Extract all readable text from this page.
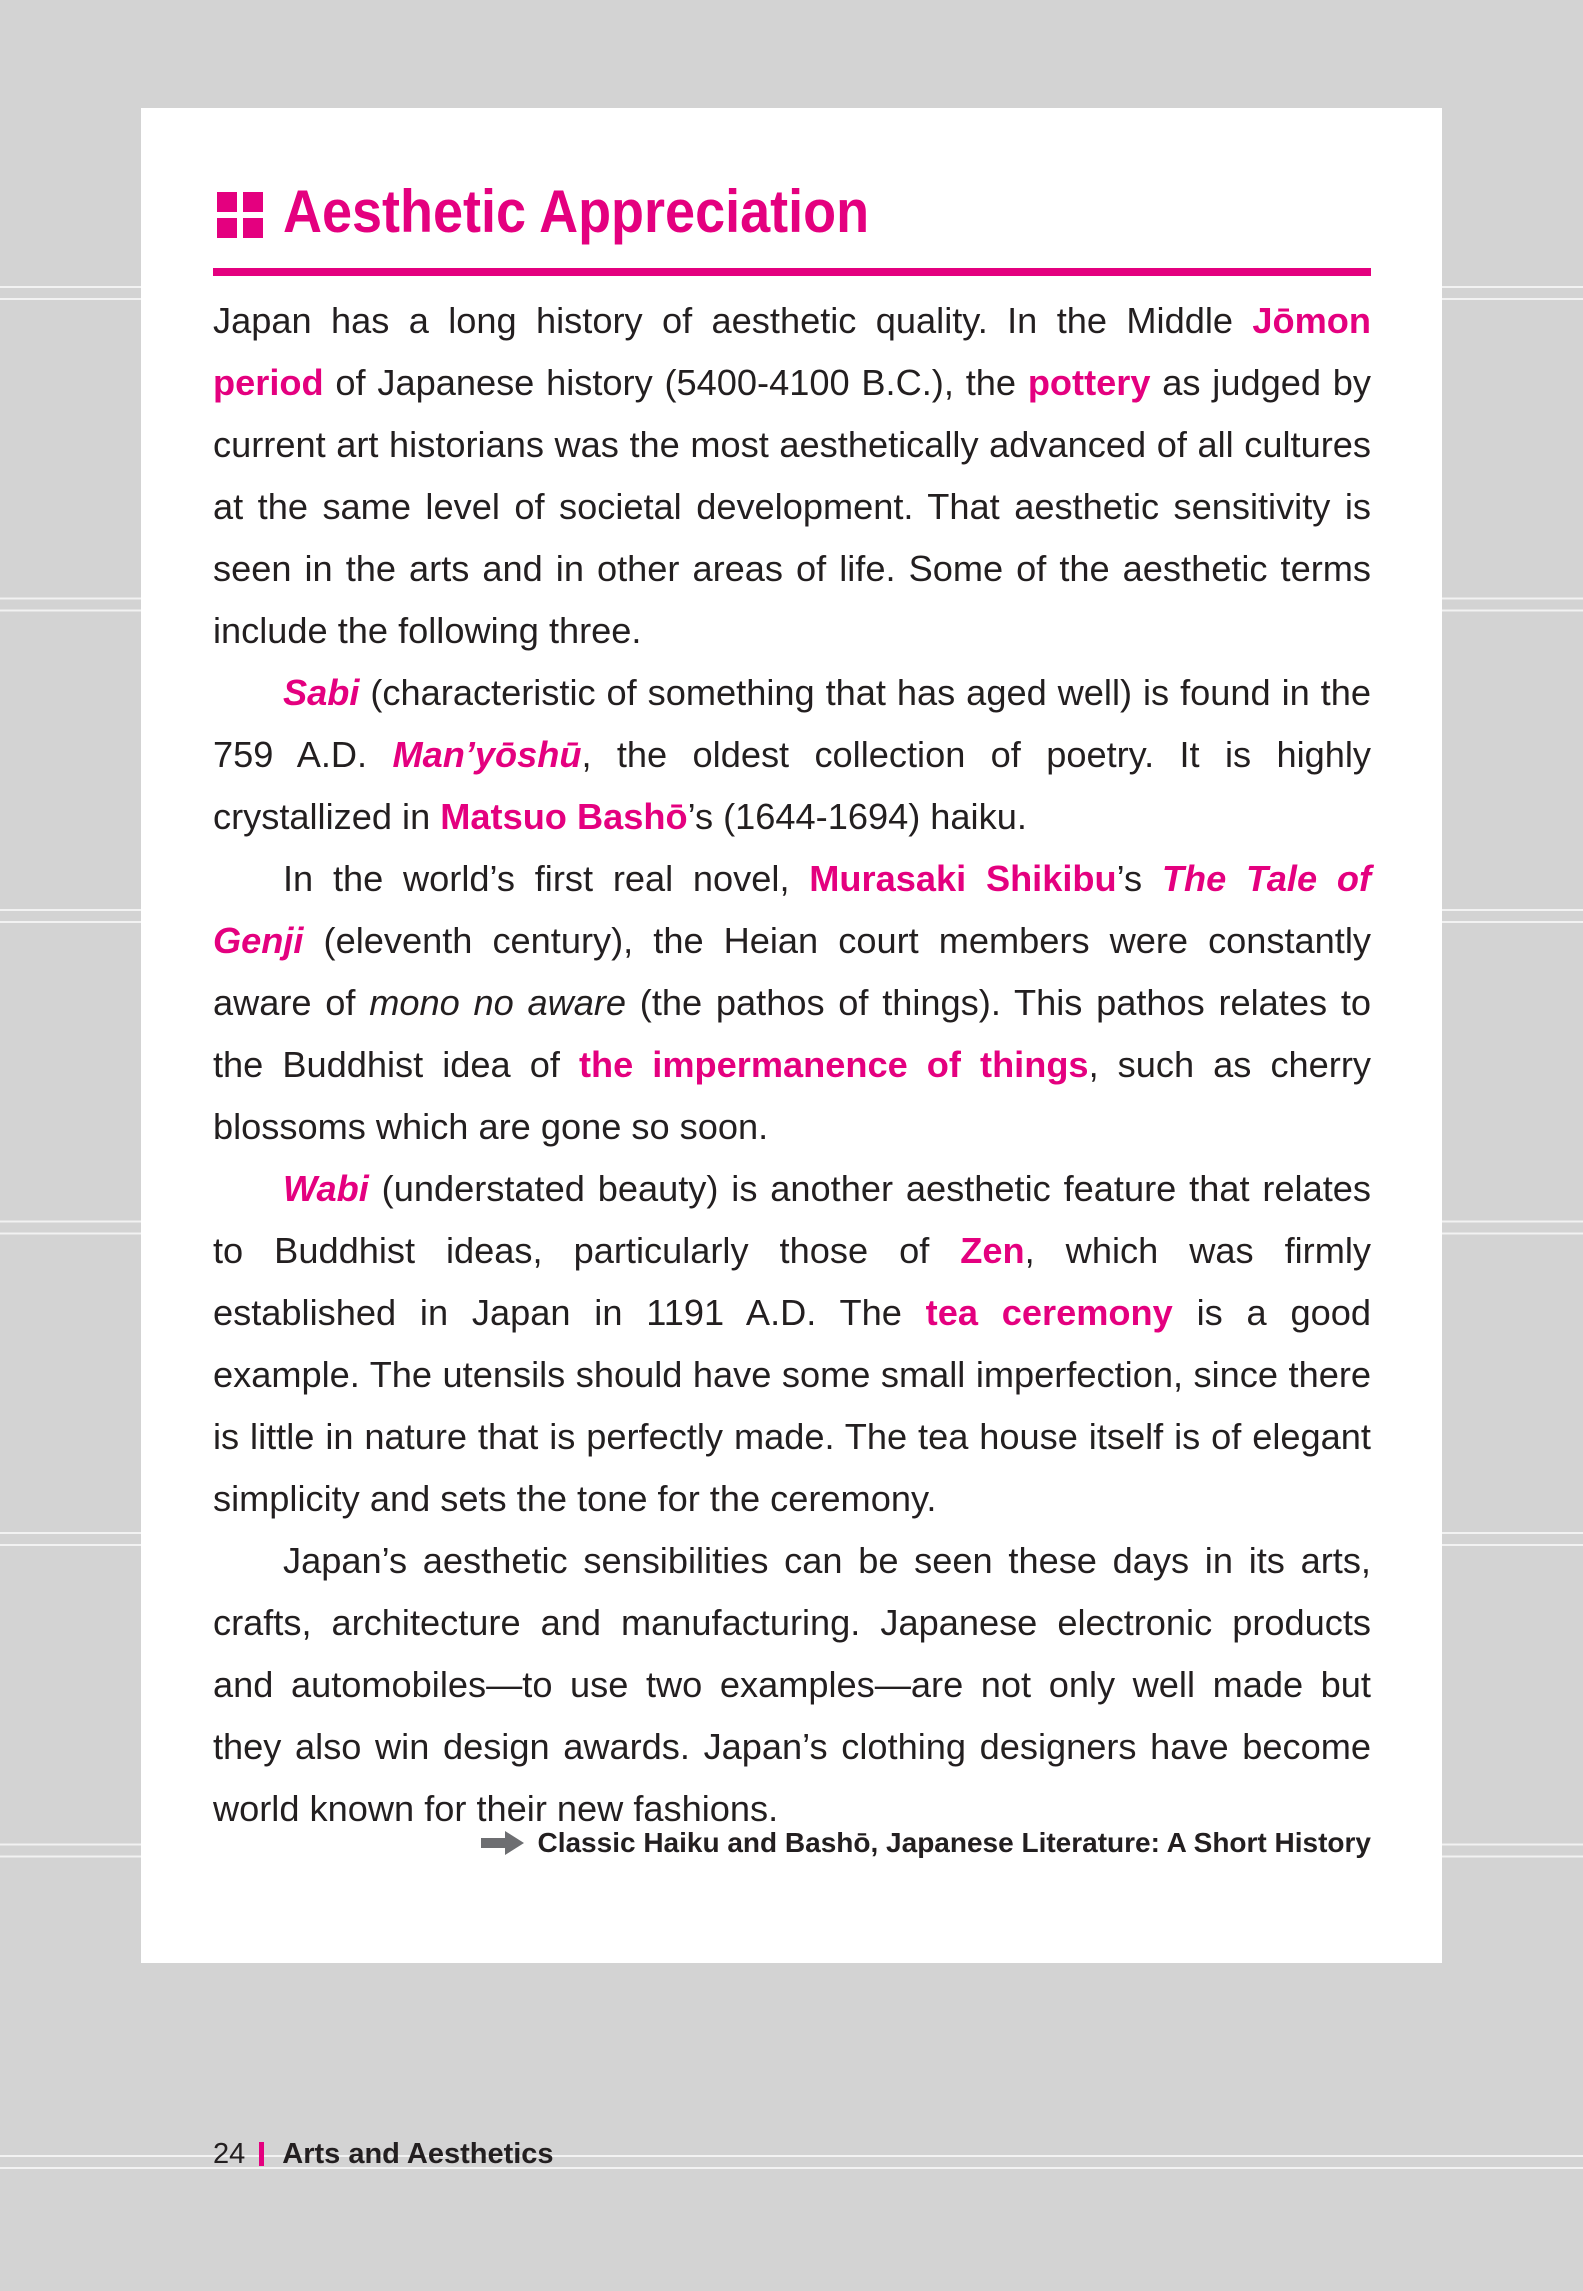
Aesthetic Appreciation

Japan has a long history of aesthetic quality. In the Middle Jōmon period of Japanese history (5400-4100 B.C.), the pottery as judged by current art historians was the most aesthetically advanced of all cultures at the same level of societal development. That aesthetic sensitivity is seen in the arts and in other areas of life. Some of the aesthetic terms include the following three.

Sabi (characteristic of something that has aged well) is found in the 759 A.D. Man’yōshū, the oldest collection of poetry. It is highly crystallized in Matsuo Bashō’s (1644-1694) haiku.

In the world’s first real novel, Murasaki Shikibu’s The Tale of Genji (eleventh century), the Heian court members were constantly aware of mono no aware (the pathos of things). This pathos relates to the Buddhist idea of the impermanence of things, such as cherry blossoms which are gone so soon.

Wabi (understated beauty) is another aesthetic feature that relates to Buddhist ideas, particularly those of Zen, which was firmly established in Japan in 1191 A.D. The tea ceremony is a good example. The utensils should have some small imperfection, since there is little in nature that is perfectly made. The tea house itself is of elegant simplicity and sets the tone for the ceremony.

Japan’s aesthetic sensibilities can be seen these days in its arts, crafts, architecture and manufacturing. Japanese electronic products and automobiles—to use two examples—are not only well made but they also win design awards. Japan’s clothing designers have become world known for their new fashions.

Classic Haiku and Bashō, Japanese Literature: A Short History
24 Arts and Aesthetics
